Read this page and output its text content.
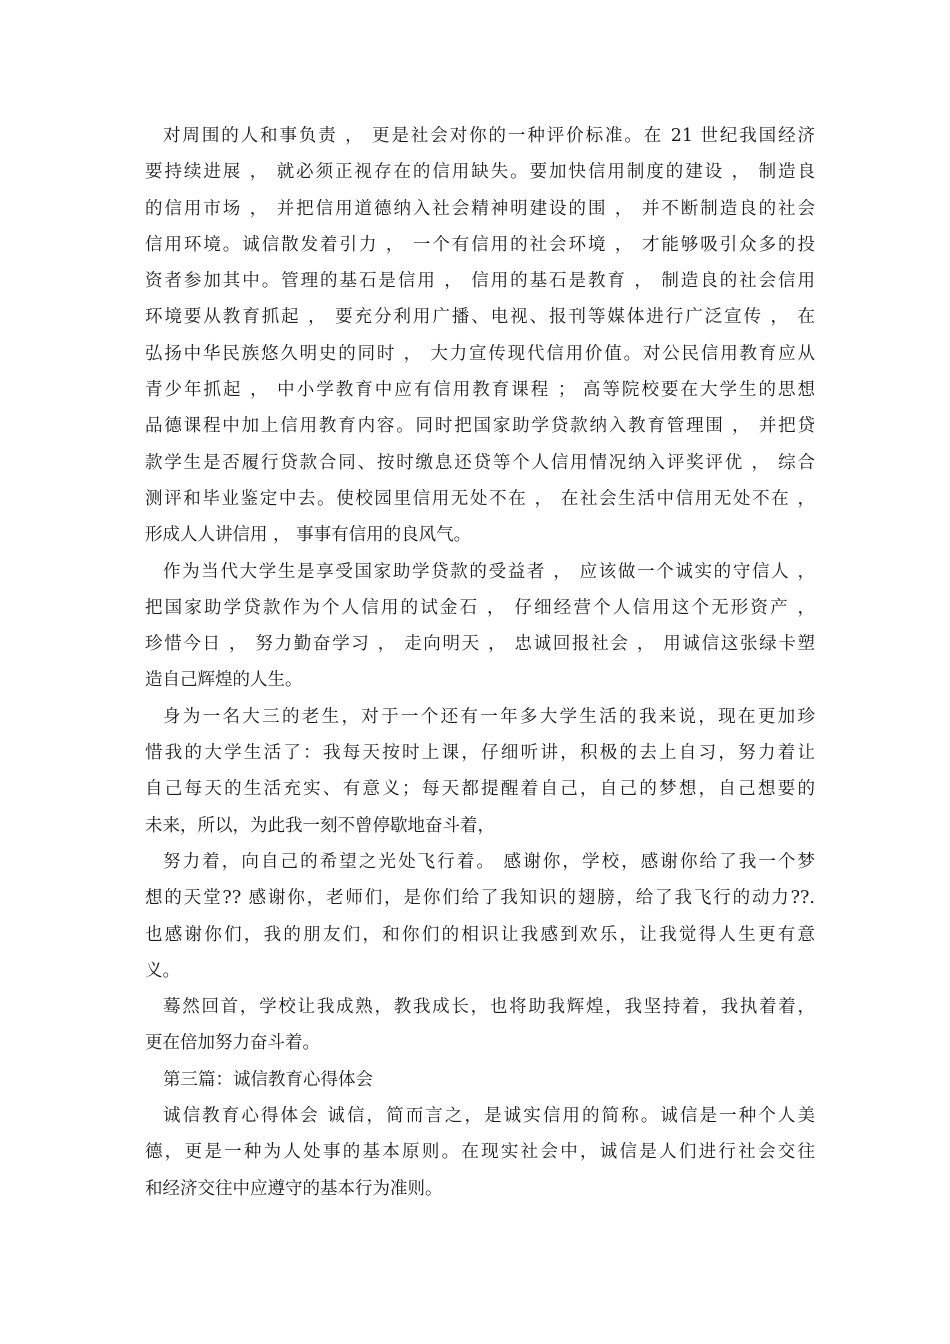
对周围的人和事负责 ， 更是社会对你的一种评价标准。在 21 世纪我国经济
要持续进展 ， 就必须正视存在的信用缺失。要加快信用制度的建设 ， 制造良
的信用市场 ， 并把信用道德纳入社会精神明建设的围 ， 并不断制造良的社会
信用环境。诚信散发着引力 ， 一个有信用的社会环境 ， 才能够吸引众多的投
资者参加其中。管理的基石是信用 ， 信用的基石是教育 ， 制造良的社会信用
环境要从教育抓起 ， 要充分利用广播、电视、报刊等媒体进行广泛宣传 ， 在
弘扬中华民族悠久明史的同时 ， 大力宣传现代信用价值。对公民信用教育应从
青少年抓起 ， 中小学教育中应有信用教育课程 ； 高等院校要在大学生的思想
品德课程中加上信用教育内容。同时把国家助学贷款纳入教育管理围 ， 并把贷
款学生是否履行贷款合同、按时缴息还贷等个人信用情况纳入评奖评优 ， 综合
测评和毕业鉴定中去。使校园里信用无处不在 ， 在社会生活中信用无处不在 ，
形成人人讲信用 ， 事事有信用的良风气。
作为当代大学生是享受国家助学贷款的受益者 ， 应该做一个诚实的守信人 ，
把国家助学贷款作为个人信用的试金石 ， 仔细经营个人信用这个无形资产 ，
珍惜今日 ， 努力勤奋学习 ， 走向明天 ， 忠诚回报社会 ， 用诚信这张绿卡塑
造自己辉煌的人生。
身为一名大三的老生，对于一个还有一年多大学生活的我来说，现在更加珍
惜我的大学生活了：我每天按时上课，仔细听讲，积极的去上自习，努力着让
自己每天的生活充实、有意义；每天都提醒着自己，自己的梦想，自己想要的
未来，所以，为此我一刻不曾停歇地奋斗着，
努力着，向自己的希望之光处飞行着。 感谢你，学校，感谢你给了我一个梦
想的天堂?? 感谢你，老师们，是你们给了我知识的翅膀，给了我飞行的动力??.
也感谢你们，我的朋友们，和你们的相识让我感到欢乐，让我觉得人生更有意
义。
蓦然回首，学校让我成熟，教我成长，也将助我辉煌，我坚持着，我执着着，
更在倍加努力奋斗着。
第三篇：诚信教育心得体会
诚信教育心得体会 诚信，简而言之，是诚实信用的简称。诚信是一种个人美
德，更是一种为人处事的基本原则。在现实社会中，诚信是人们进行社会交往
和经济交往中应遵守的基本行为准则。
